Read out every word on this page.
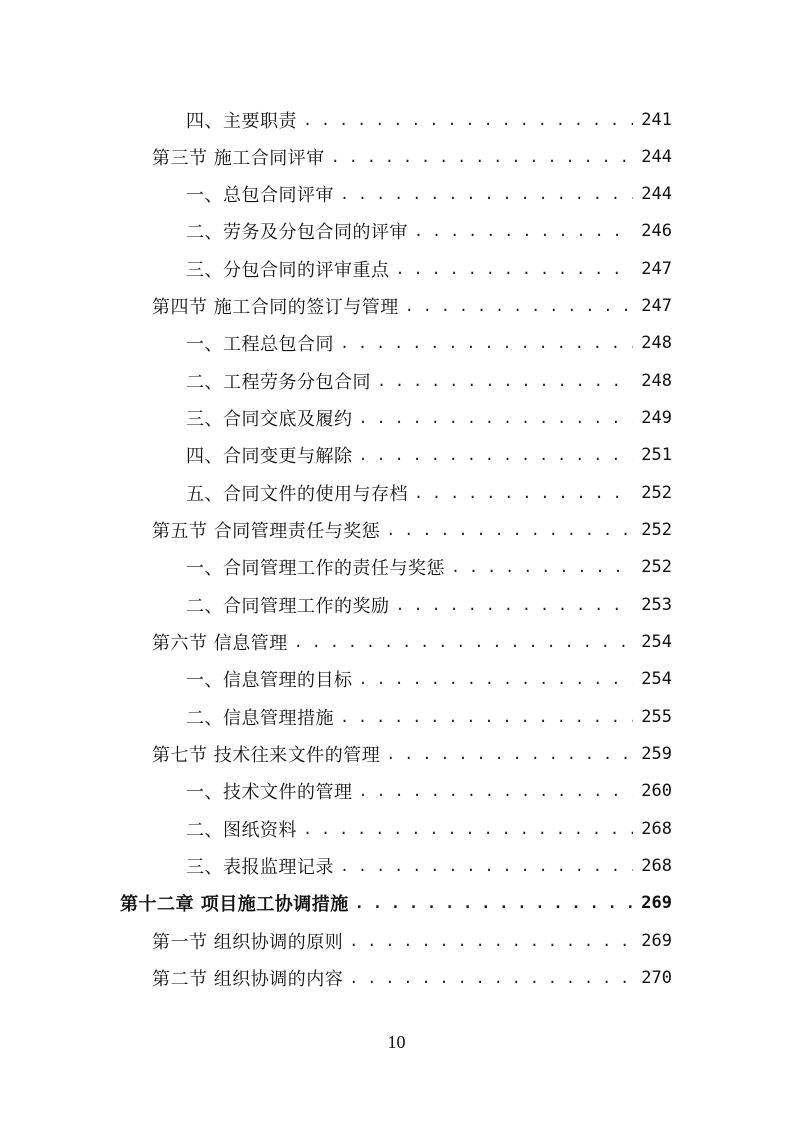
四、主要职责 . . .	241
第三节 施工合同评审 . . .	244
一、总包合同评审 . . .	244
二、劳务及分包合同的评审 . . .	246
三、分包合同的评审重点 . . .	247
第四节 施工合同的签订与管理 . . .	247
一、工程总包合同 . . .	248
二、工程劳务分包合同 . . .	248
三、合同交底及履约 . . .	249
四、合同变更与解除 . . .	251
五、合同文件的使用与存档 . . .	252
第五节 合同管理责任与奖惩 . . .	252
一、合同管理工作的责任与奖惩 . . .	252
二、合同管理工作的奖励 . . .	253
第六节 信息管理 . . .	254
一、信息管理的目标 . . .	254
二、信息管理措施 . . .	255
第七节 技术往来文件的管理 . . .	259
一、技术文件的管理 . . .	260
二、图纸资料 . . .	268
三、表报监理记录 . . .	268
第十二章 项目施工协调措施 . . .	269
第一节 组织协调的原则 . . .	269
第二节 组织协调的内容 . . .	270
10
